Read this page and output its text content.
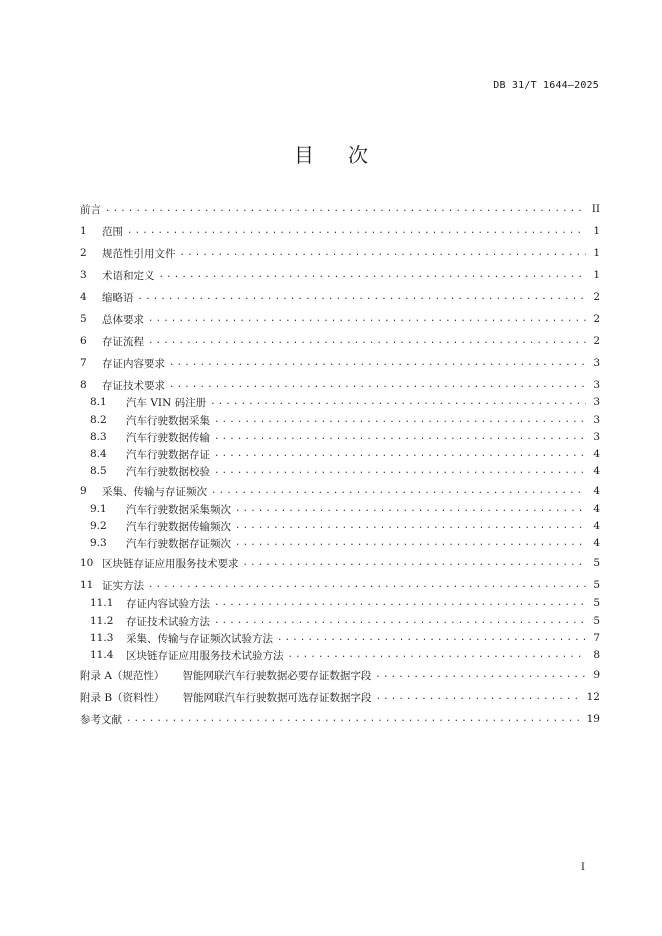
DB 31/T 1644—2025
目 次
前言 .....	II
1	范围 .....	1
2	规范性引用文件 .....	1
3	术语和定义 .....	1
4	缩略语 .....	2
5	总体要求 .....	2
6	存证流程 .....	2
7	存证内容要求 .....	3
8	存证技术要求 .....	3
8.1	汽车 VIN 码注册 .....	3
8.2	汽车行驶数据采集 .....	3
8.3	汽车行驶数据传输 .....	3
8.4	汽车行驶数据存证 .....	4
8.5	汽车行驶数据校验 .....	4
9	采集、传输与存证频次 .....	4
9.1	汽车行驶数据采集频次 .....	4
9.2	汽车行驶数据传输频次 .....	4
9.3	汽车行驶数据存证频次 .....	4
10 区块链存证应用服务技术要求 .....	5
11 证实方法 .....	5
11.1	存证内容试验方法 .....	5
11.2	存证技术试验方法 .....	5
11.3	采集、传输与存证频次试验方法 .....	7
11.4	区块链存证应用服务技术试验方法 .....	8
附录 A（规范性） 智能网联汽车行驶数据必要存证数据字段 .....	9
附录 B（资料性） 智能网联汽车行驶数据可选存证数据字段 .....	12
参考文献 .....	19
I
